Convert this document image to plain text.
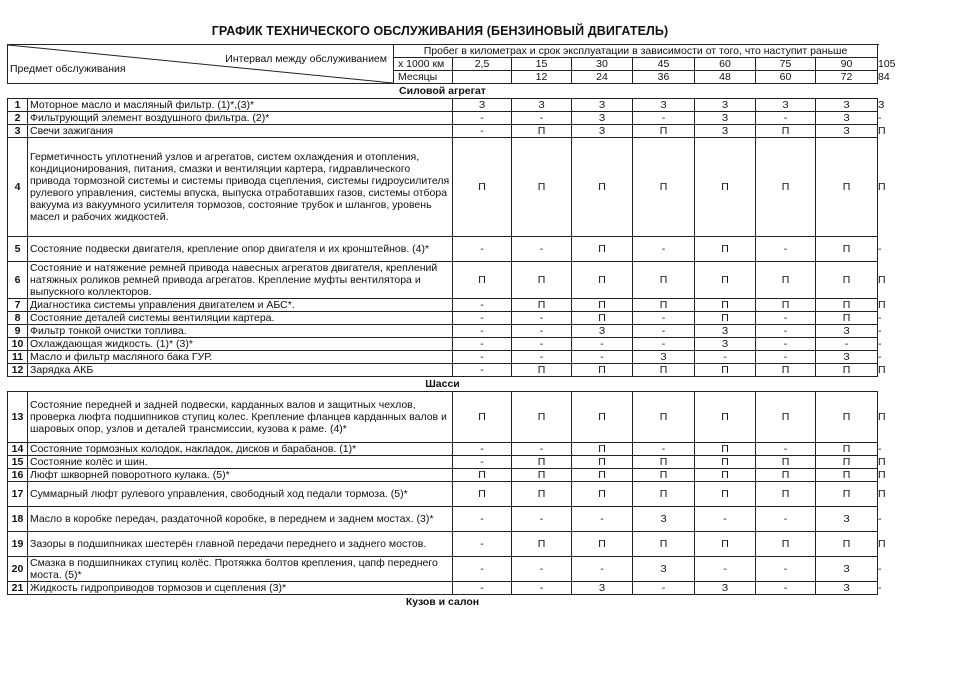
ГРАФИК ТЕХНИЧЕСКОГО ОБСЛУЖИВАНИЯ (БЕНЗИНОВЫЙ ДВИГАТЕЛЬ)
Интервал между обслуживанием
Предмет обслуживания		Пробег в километрах и срок эксплуатации в зависимости от того, что наступит раньше								
		x 1000 км	2,5	15	30	45	60	75	90	105
		Месяцы		12	24	36	48	60	72	84
Силовой агрегат										
1	Моторное масло и масляный фильтр. (1)*,(3)*		З	З	З	З	З	З	З	З
2	Фильтрующий элемент воздушного фильтра. (2)*		-	-	З	-	З	-	З	-
3	Свечи зажигания		-	П	З	П	З	П	З	П
4	Герметичность уплотнений узлов и агрегатов, систем охлаждения и отопления, кондиционирования, питания, смазки и вентиляции картера, гидравлического привода тормозной системы и системы привода сцепления, системы гидроусилителя рулевого управления, системы впуска, выпуска отработавших газов, системы отбора вакуума из вакуумного усилителя тормозов, состояние трубок и шлангов, уровень масел и рабочих жидкостей.		П	П	П	П	П	П	П	П
5	Состояние подвески двигателя, крепление опор двигателя и их кронштейнов. (4)*		-	-	П	-	П	-	П	-
6	Состояние и натяжение ремней привода навесных агрегатов двигателя, креплений натяжных роликов ремней привода агрегатов. Крепление муфты вентилятора и выпускного коллекторов.		П	П	П	П	П	П	П	П
7	Диагностика системы управления двигателем и АБС*.		-	П	П	П	П	П	П	П
8	Состояние деталей системы вентиляции картера.		-	-	П	-	П	-	П	-
9	Фильтр тонкой очистки топлива.		-	-	З	-	З	-	З	-
10	Охлаждающая жидкость. (1)* (3)*		-	-	-	-	З	-	-	-
11	Масло и фильтр масляного бака ГУР.		-	-	-	З	-	-	З	-
12	Зарядка АКБ		-	П	П	П	П	П	П	П
Шасси										
13	Состояние передней и задней подвески, карданных валов и защитных чехлов, проверка люфта подшипников ступиц колес. Крепление фланцев карданных валов и шаровых опор, узлов и деталей трансмиссии, кузова к раме. (4)*		П	П	П	П	П	П	П	П
14	Состояние тормозных колодок, накладок, дисков и барабанов. (1)*		-	-	П	-	П	-	П	-
15	Состояние колёс и шин.		-	П	П	П	П	П	П	П
16	Люфт шкворней поворотного кулака. (5)*		П	П	П	П	П	П	П	П
17	Суммарный люфт рулевого управления, свободный ход педали тормоза. (5)*		П	П	П	П	П	П	П	П
18	Масло в коробке передач, раздаточной коробке, в переднем и заднем мостах. (3)*		-	-	-	З	-	-	З	-
19	Зазоры в подшипниках шестерён главной передачи переднего и заднего мостов.		-	П	П	П	П	П	П	П
20	Смазка в подшипниках ступиц колёс. Протяжка болтов крепления, цапф переднего моста. (5)*		-	-	-	З	-	-	З	-
21	Жидкость гидроприводов тормозов и сцепления (3)*		-	-	З	-	З	-	З	-
Кузов и салон										
